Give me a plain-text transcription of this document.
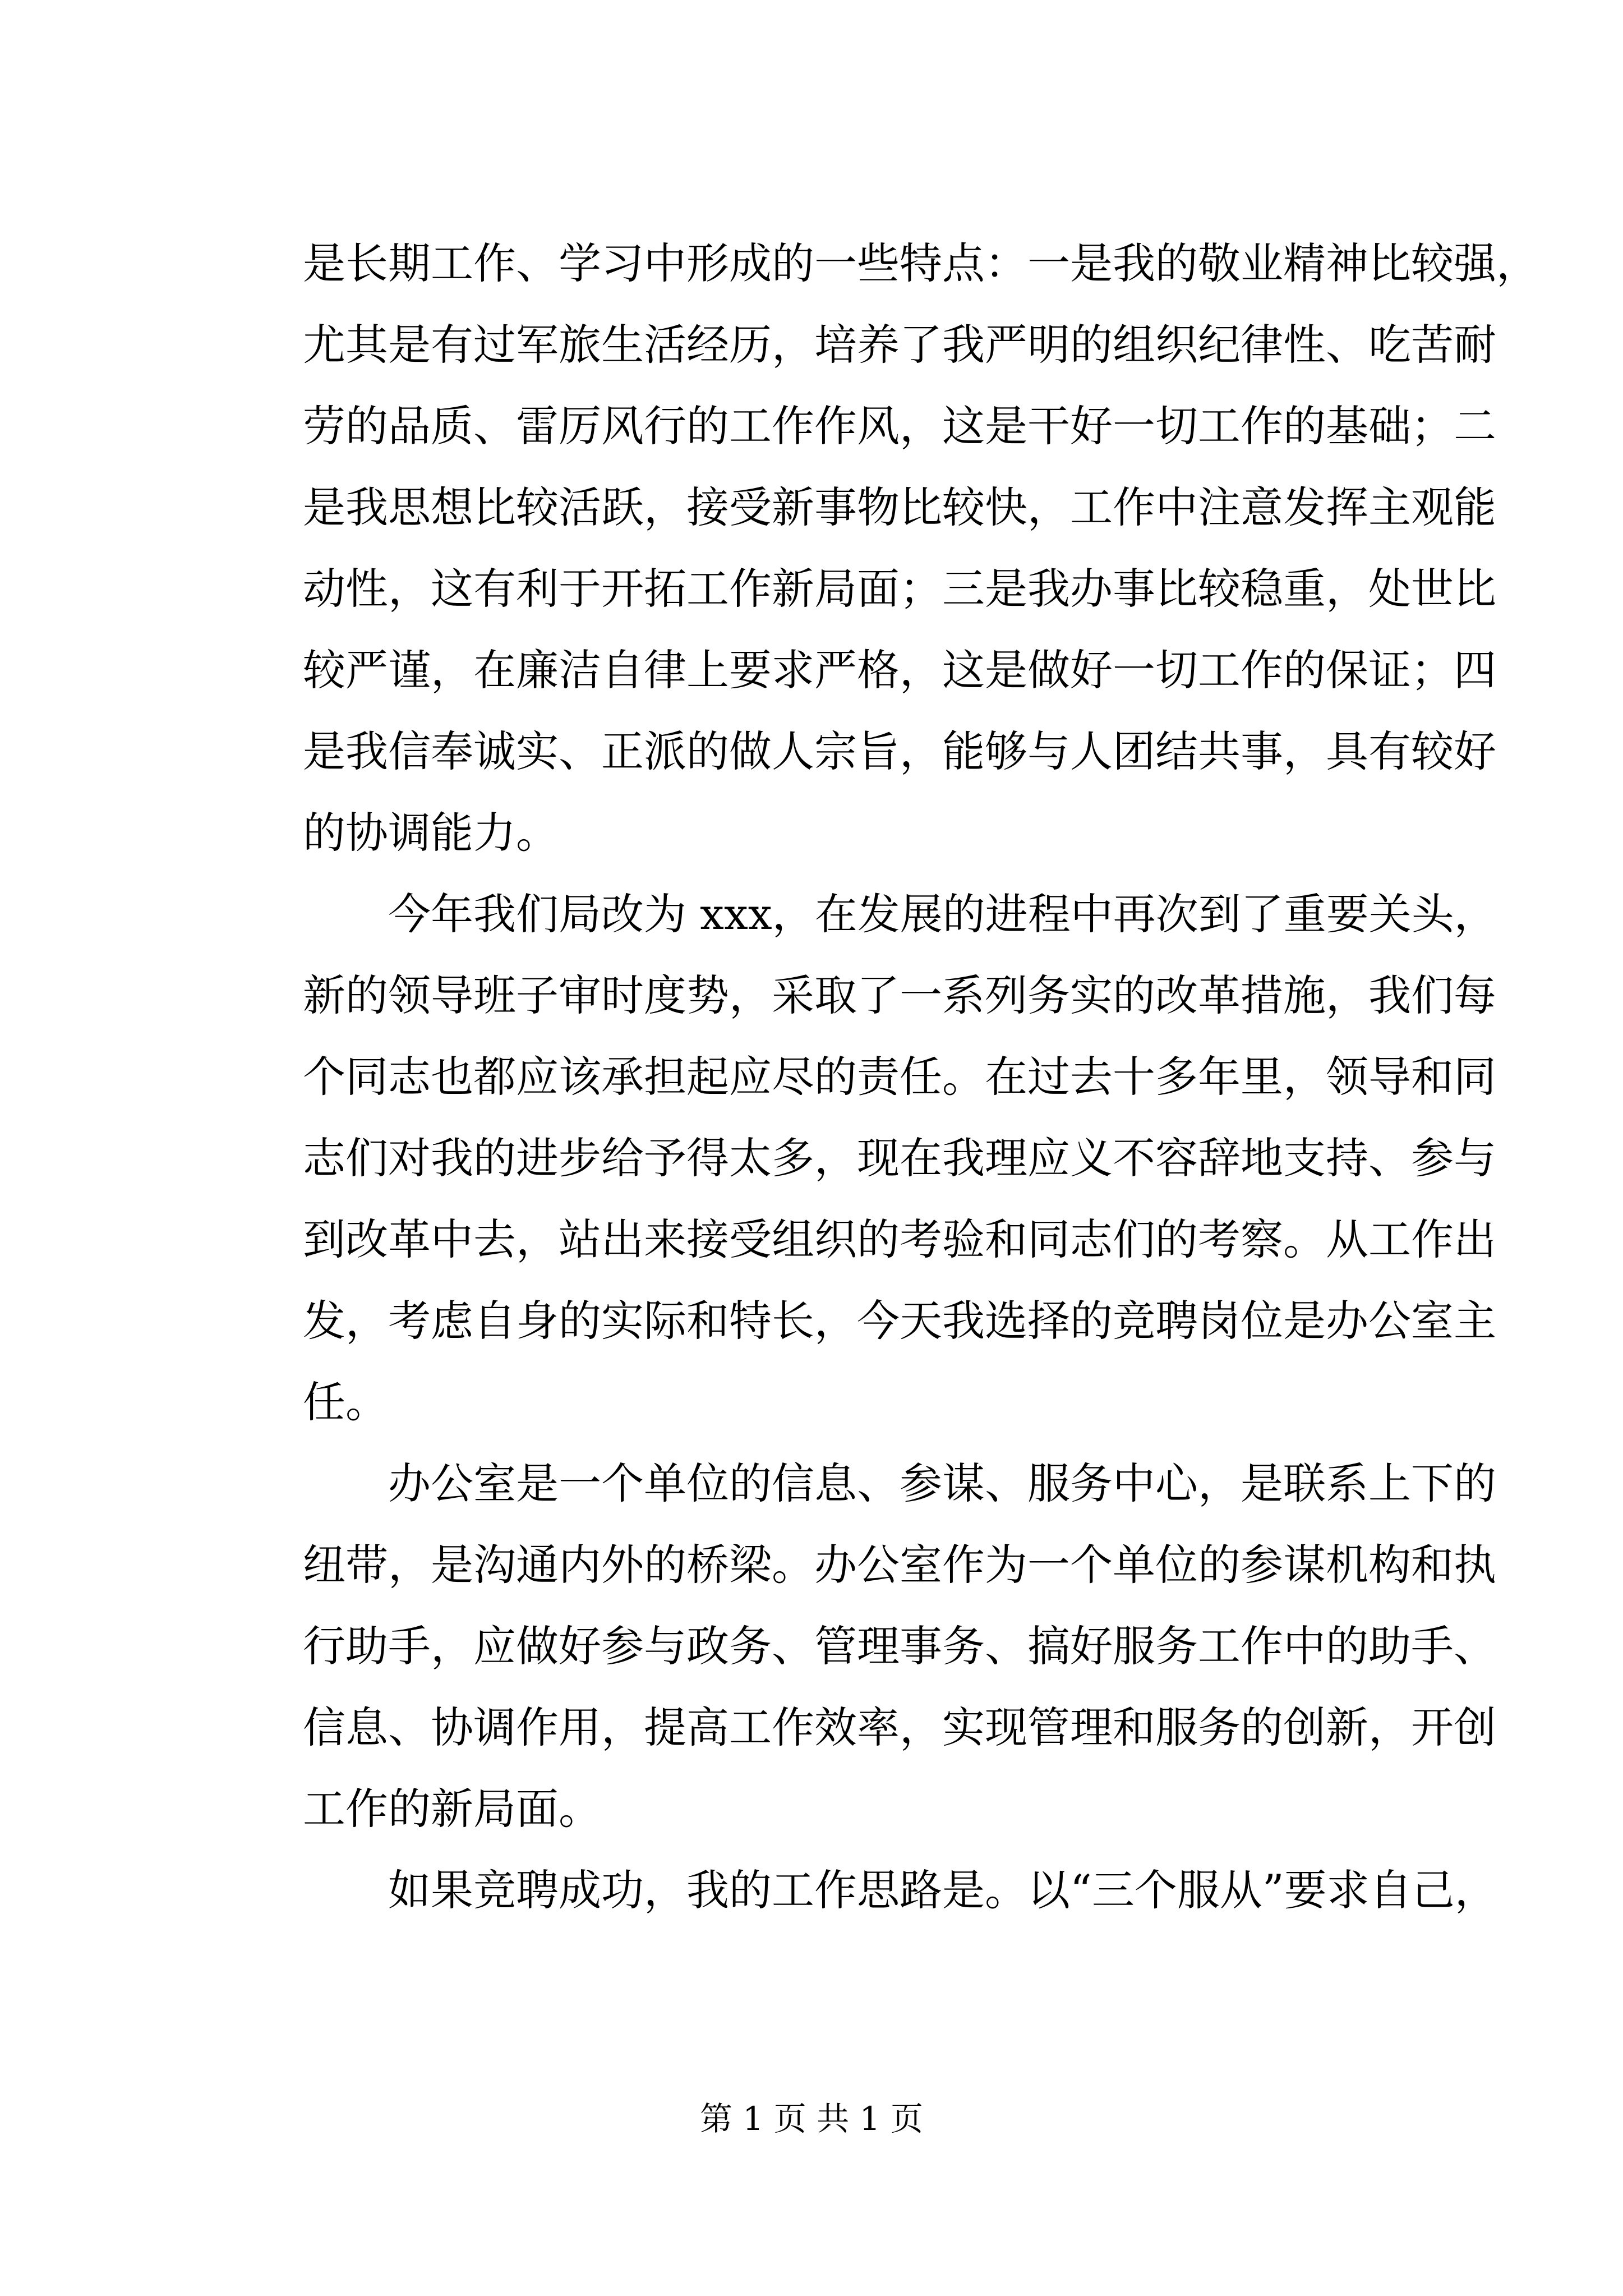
是长期工作、学习中形成的一些特点：一是我的敬业精神比较强，
尤其是有过军旅生活经历，培养了我严明的组织纪律性、吃苦耐
劳的品质、雷厉风行的工作作风，这是干好一切工作的基础；二
是我思想比较活跃，接受新事物比较快，工作中注意发挥主观能
动性，这有利于开拓工作新局面；三是我办事比较稳重，处世比
较严谨，在廉洁自律上要求严格，这是做好一切工作的保证；四
是我信奉诚实、正派的做人宗旨，能够与人团结共事，具有较好
的协调能力。
今年我们局改为 xxx，在发展的进程中再次到了重要关头，
新的领导班子审时度势，采取了一系列务实的改革措施，我们每
个同志也都应该承担起应尽的责任。在过去十多年里，领导和同
志们对我的进步给予得太多，现在我理应义不容辞地支持、参与
到改革中去，站出来接受组织的考验和同志们的考察。从工作出
发，考虑自身的实际和特长，今天我选择的竞聘岗位是办公室主
任。
办公室是一个单位的信息、参谋、服务中心，是联系上下的
纽带，是沟通内外的桥梁。办公室作为一个单位的参谋机构和执
行助手，应做好参与政务、管理事务、搞好服务工作中的助手、
信息、协调作用，提高工作效率，实现管理和服务的创新，开创
工作的新局面。
如果竞聘成功，我的工作思路是。以“三个服从”要求自己，
第 1 页 共 1 页
